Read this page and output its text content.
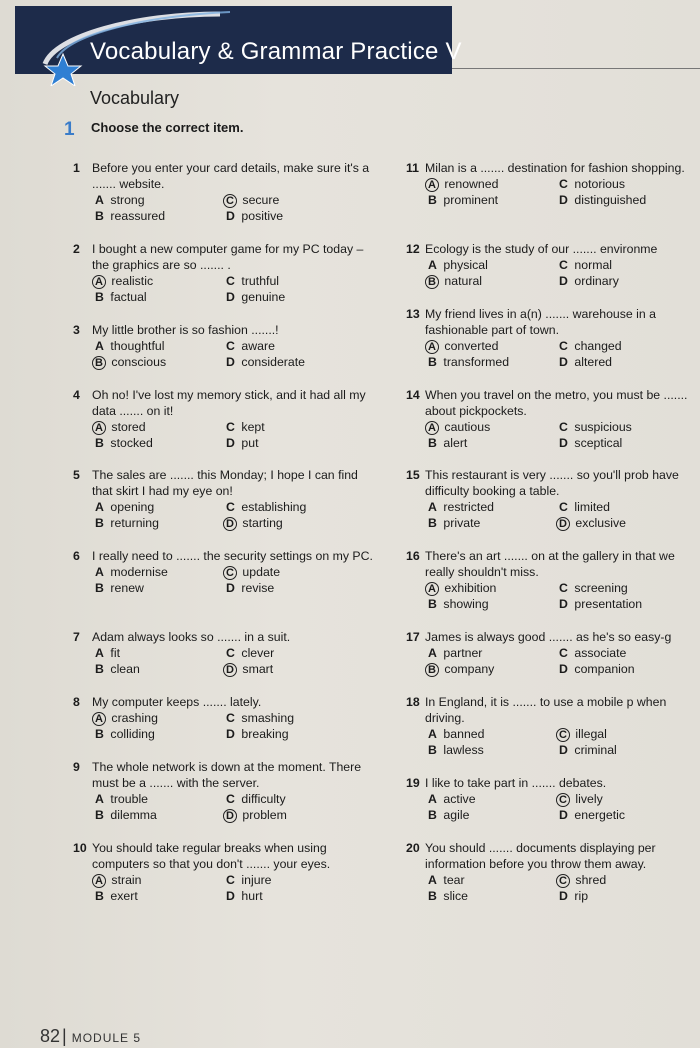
Vocabulary & Grammar Practice V
Vocabulary
1 Choose the correct item.
1 Before you enter your card details, make sure it's a ....... website.
A strong
B reassured
C secure
D positive
2 I bought a new computer game for my PC today – the graphics are so ....... .
A realistic
B factual
C truthful
D genuine
3 My little brother is so fashion .......!
A thoughtful
B conscious
C aware
D considerate
4 Oh no! I've lost my memory stick, and it had all my data ....... on it!
A stored
B stocked
C kept
D put
5 The sales are ....... this Monday; I hope I can find that skirt I had my eye on!
A opening
B returning
C establishing
D starting
6 I really need to ....... the security settings on my PC.
A modernise
B renew
C update
D revise
7 Adam always looks so ....... in a suit.
A fit
B clean
C clever
D smart
8 My computer keeps ....... lately.
A crashing
B colliding
C smashing
D breaking
9 The whole network is down at the moment. There must be a ....... with the server.
A trouble
B dilemma
C difficulty
D problem
10 You should take regular breaks when using computers so that you don't ....... your eyes.
A strain
B exert
C injure
D hurt
11 Milan is a ....... destination for fashion shopping.
A renowned
B prominent
C notorious
D distinguished
12 Ecology is the study of our ....... environme
A physical
B natural
C normal
D ordinary
13 My friend lives in a(n) ....... warehouse in a fashionable part of town.
A converted
B transformed
C changed
D altered
14 When you travel on the metro, you must be ....... about pickpockets.
A cautious
B alert
C suspicious
D sceptical
15 This restaurant is very ....... so you'll prob have difficulty booking a table.
A restricted
B private
C limited
D exclusive
16 There's an art ....... on at the gallery in that we really shouldn't miss.
A exhibition
B showing
C screening
D presentation
17 James is always good ....... as he's so easy-g
A partner
B company
C associate
D companion
18 In England, it is ....... to use a mobile p when driving.
A banned
B lawless
C illegal
D criminal
19 I like to take part in ....... debates.
A active
B agile
C lively
D energetic
20 You should ....... documents displaying per information before you throw them away.
A tear
B slice
C shred
D rip
82 | MODULE 5
